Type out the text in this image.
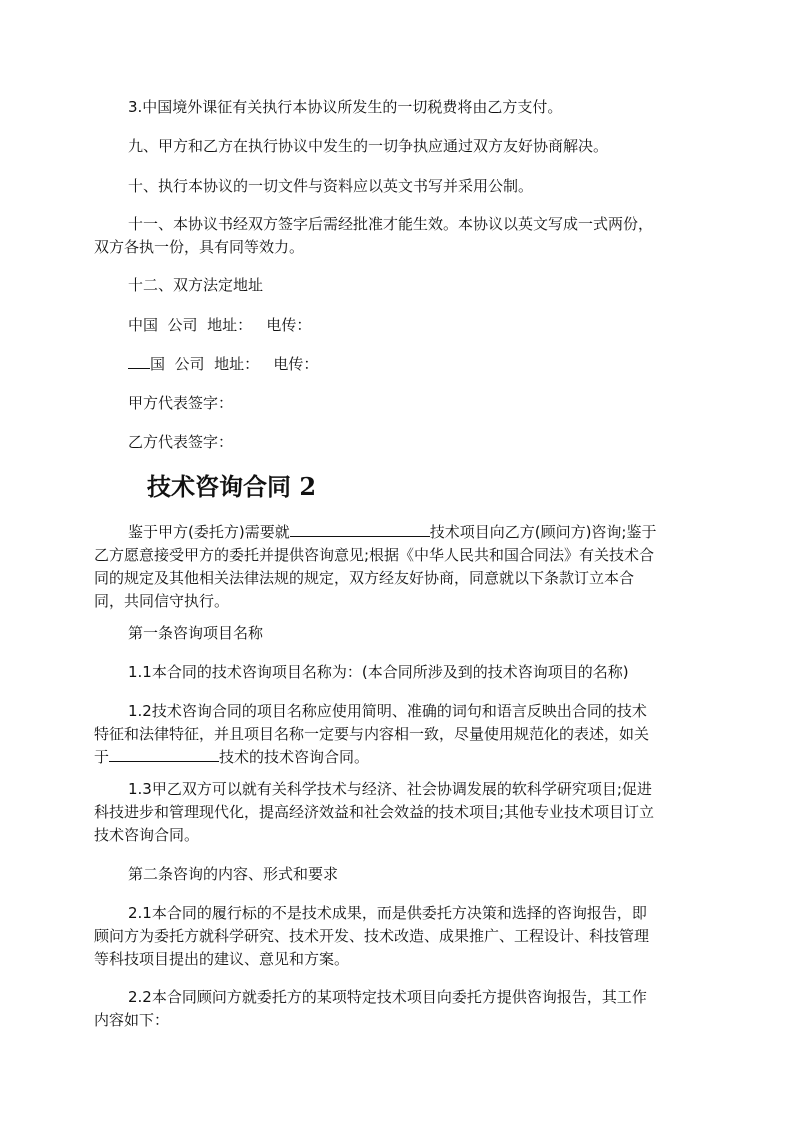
3.中国境外课征有关执行本协议所发生的一切税费将由乙方支付。

九、甲方和乙方在执行协议中发生的一切争执应通过双方友好协商解决。

十、执行本协议的一切文件与资料应以英文书写并采用公制。

十一、本协议书经双方签字后需经批准才能生效。本协议以英文写成一式两份，
双方各执一份，具有同等效力。

十二、双方法定地址

中国  公司  地址：   电传：

国  公司  地址：   电传：

甲方代表签字：

乙方代表签字：

技术咨询合同 2

鉴于甲方(委托方)需要就	技术项目向乙方(顾问方)咨询;鉴于
乙方愿意接受甲方的委托并提供咨询意见;根据《中华人民共和国合同法》有关技术合
同的规定及其他相关法律法规的规定，双方经友好协商，同意就以下条款订立本合
同，共同信守执行。

第一条咨询项目名称

1.1本合同的技术咨询项目名称为：(本合同所涉及到的技术咨询项目的名称)

1.2技术咨询合同的项目名称应使用简明、准确的词句和语言反映出合同的技术
特征和法律特征，并且项目名称一定要与内容相一致，尽量使用规范化的表述，如关
于	技术的技术咨询合同。

1.3甲乙双方可以就有关科学技术与经济、社会协调发展的软科学研究项目;促进
科技进步和管理现代化，提高经济效益和社会效益的技术项目;其他专业技术项目订立
技术咨询合同。

第二条咨询的内容、形式和要求

2.1本合同的履行标的不是技术成果，而是供委托方决策和选择的咨询报告，即
顾问方为委托方就科学研究、技术开发、技术改造、成果推广、工程设计、科技管理
等科技项目提出的建议、意见和方案。

2.2本合同顾问方就委托方的某项特定技术项目向委托方提供咨询报告，其工作
内容如下：
